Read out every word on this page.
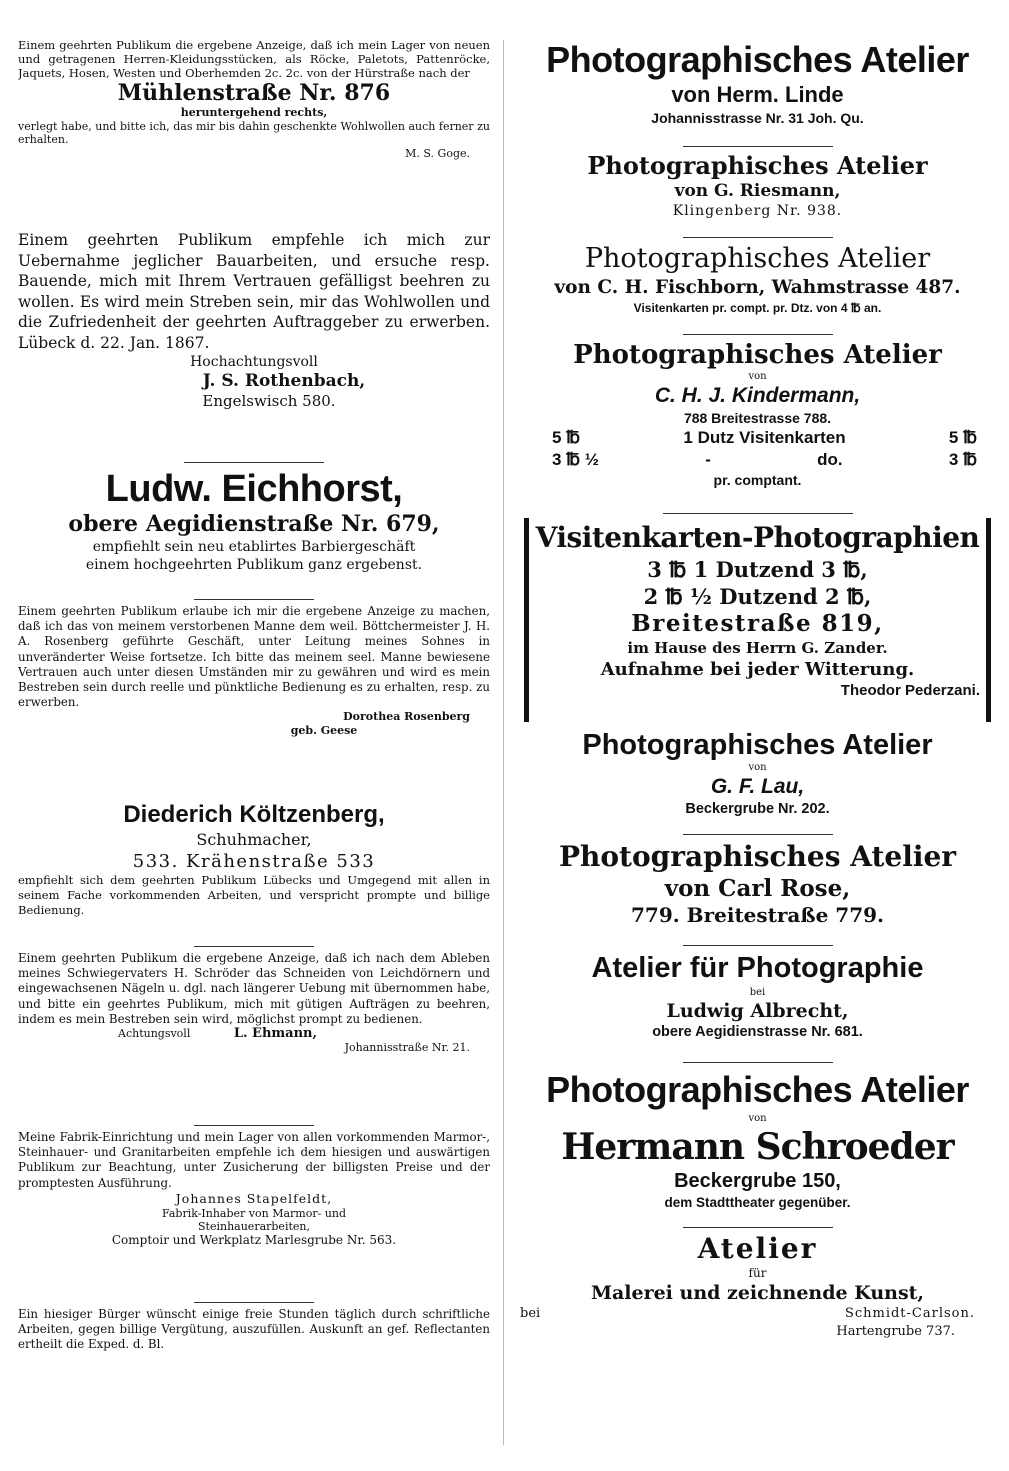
Einem geehrten Publikum die ergebene Anzeige, daß ich mein Lager von neuen und getragenen Herren-Kleidungsstücken, als Röcke, Paletots, Pattenröcke, Jaquets, Hosen, Westen und Oberhemden 2c. 2c. von der Hürstraße nach der
Mühlenstraße Nr. 876
heruntergehend rechts,
verlegt habe, und bitte ich, das mir bis dahin geschenkte Wohlwollen auch ferner zu erhalten.
M. S. Goge.
Einem geehrten Publikum empfehle ich mich zur Uebernahme jeglicher Bauarbeiten, und ersuche resp. Bauende, mich mit Ihrem Vertrauen gefälligst beehren zu wollen. Es wird mein Streben sein, mir das Wohlwollen und die Zufriedenheit der geehrten Auftraggeber zu erwerben. Lübeck d. 22. Jan. 1867.
Hochachtungsvoll
J. S. Rothenbach,
Engelswisch 580.
Ludw. Eichhorst,
obere Aegidienstraße Nr. 679,
empfiehlt sein neu etablirtes Barbiergeschäft
einem hochgeehrten Publikum ganz ergebenst.
Einem geehrten Publikum erlaube ich mir die ergebene Anzeige zu machen, daß ich das von meinem verstorbenen Manne dem weil. Böttchermeister J. H. A. Rosenberg geführte Geschäft, unter Leitung meines Sohnes in unveränderter Weise fortsetze. Ich bitte das meinem seel. Manne bewiesene Vertrauen auch unter diesen Umständen mir zu gewähren und wird es mein Bestreben sein durch reelle und pünktliche Bedienung es zu erhalten, resp. zu erwerben.
Dorothea Rosenberg
geb. Geese
Diederich Költzenberg,
Schuhmacher,
533. Krähenstraße 533
empfiehlt sich dem geehrten Publikum Lübecks und Umgegend mit allen in seinem Fache vorkommenden Arbeiten, und verspricht prompte und billige Bedienung.
Einem geehrten Publikum die ergebene Anzeige, daß ich nach dem Ableben meines Schwiegervaters H. Schröder das Schneiden von Leichdörnern und eingewachsenen Nägeln u. dgl. nach längerer Uebung mit übernommen habe, und bitte ein geehrtes Publikum, mich mit gütigen Aufträgen zu beehren, indem es mein Bestreben sein wird, möglichst prompt zu bedienen.
Achtungsvoll	L. Ehmann,
Johannisstraße Nr. 21.
Meine Fabrik-Einrichtung und mein Lager von allen vorkommenden Marmor-, Steinhauer- und Granitarbeiten empfehle ich dem hiesigen und auswärtigen Publikum zur Beachtung, unter Zusicherung der billigsten Preise und der promptesten Ausführung.
Johannes Stapelfeldt,
Fabrik-Inhaber von Marmor- und
Steinhauerarbeiten,
Comptoir und Werkplatz Marlesgrube Nr. 563.
Ein hiesiger Bürger wünscht einige freie Stunden täglich durch schriftliche Arbeiten, gegen billige Vergütung, auszufüllen. Auskunft an gef. Reflectanten ertheilt die Exped. d. Bl.
Photographisches Atelier
von Herm. Linde
Johannisstrasse Nr. 31 Joh. Qu.
Photographisches Atelier
von G. Riesmann,
Klingenberg Nr. 938.
Photographisches Atelier
von C. H. Fischborn, Wahmstrasse 487.
Visitenkarten pr. compt. pr. Dtz. von 4 ℔ an.
Photographisches Atelier
von
C. H. J. Kindermann,
788 Breitestrasse 788.
5 ℔	1 Dutz Visitenkarten	5 ℔
3 ℔ ½	-	do.	3 ℔
pr. comptant.
Visitenkarten-Photographien
3 ℔ 1 Dutzend 3 ℔,
2 ℔ ½ Dutzend 2 ℔,
Breitestraße 819,
im Hause des Herrn G. Zander.
Aufnahme bei jeder Witterung.
Theodor Pederzani.
Photographisches Atelier
von
G. F. Lau,
Beckergrube Nr. 202.
Photographisches Atelier
von Carl Rose,
779. Breitestraße 779.
Atelier für Photographie
bei
Ludwig Albrecht,
obere Aegidienstrasse Nr. 681.
Photographisches Atelier
von
Hermann Schroeder
Beckergrube 150,
dem Stadttheater gegenüber.
Atelier
für
Malerei und zeichnende Kunst,
bei	Schmidt-Carlson.
Hartengrube 737.
